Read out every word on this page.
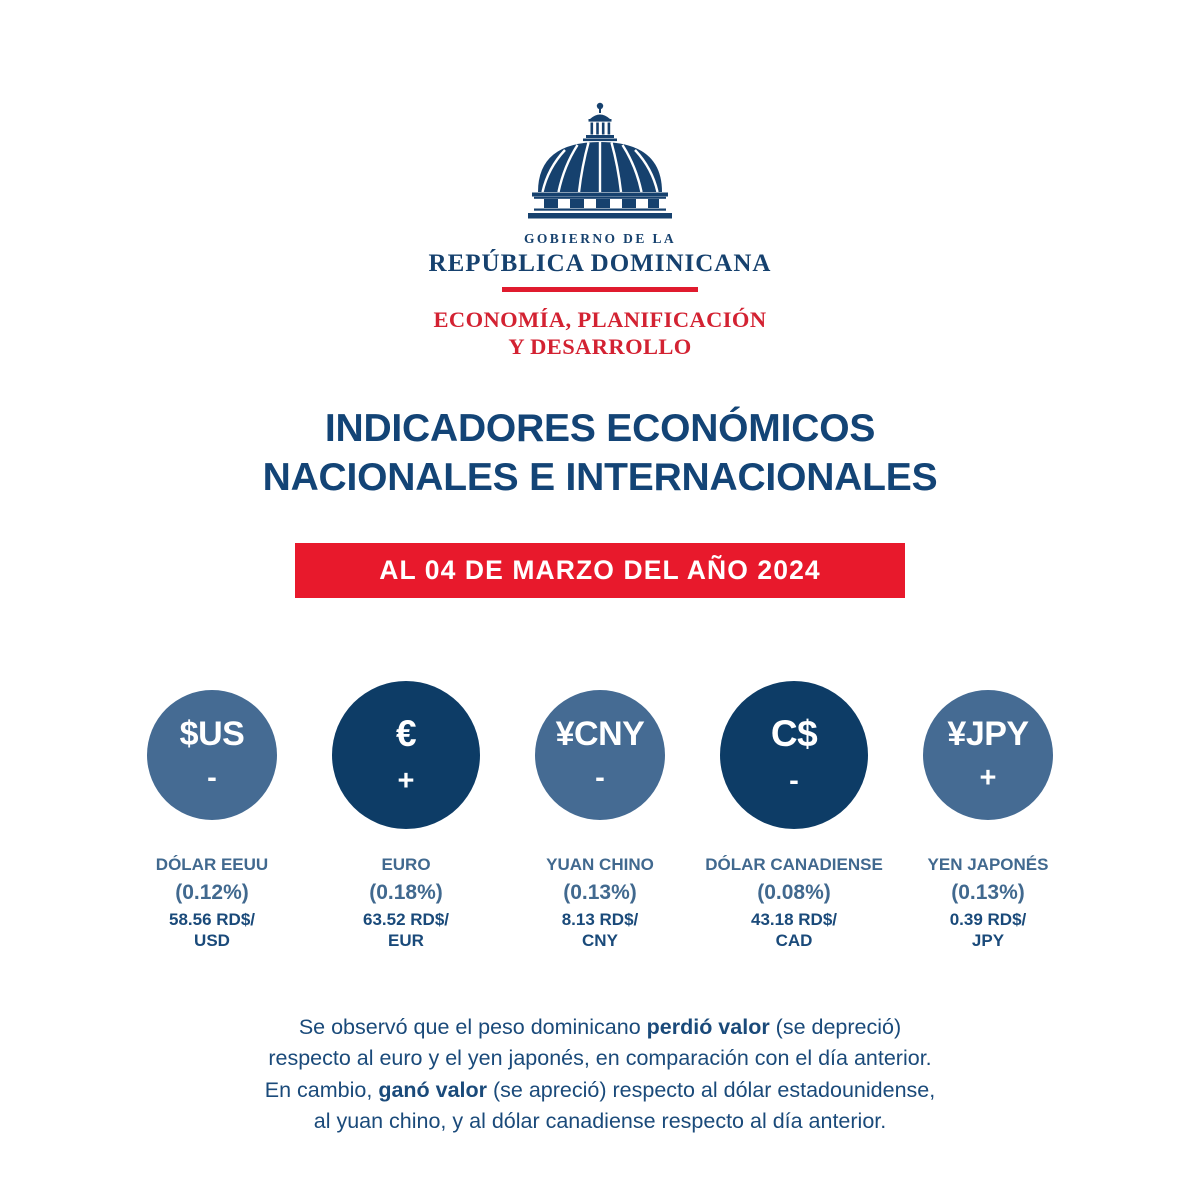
GOBIERNO DE LA
REPÚBLICA DOMINICANA
ECONOMÍA, PLANIFICACIÓN
Y DESARROLLO
INDICADORES ECONÓMICOS
NACIONALES E INTERNACIONALES
AL 04 DE MARZO DEL AÑO 2024
$US
-
DÓLAR EEUU
(0.12%)
58.56 RD$/
USD
€
+
EURO
(0.18%)
63.52 RD$/
EUR
¥CNY
-
YUAN CHINO
(0.13%)
8.13 RD$/
CNY
C$
-
DÓLAR CANADIENSE
(0.08%)
43.18 RD$/
CAD
¥JPY
+
YEN JAPONÉS
(0.13%)
0.39 RD$/
JPY
Se observó que el peso dominicano perdió valor (se depreció)
respecto al euro y el yen japonés, en comparación con el día anterior.
En cambio, ganó valor (se apreció) respecto al dólar estadounidense,
al yuan chino, y al dólar canadiense respecto al día anterior.
